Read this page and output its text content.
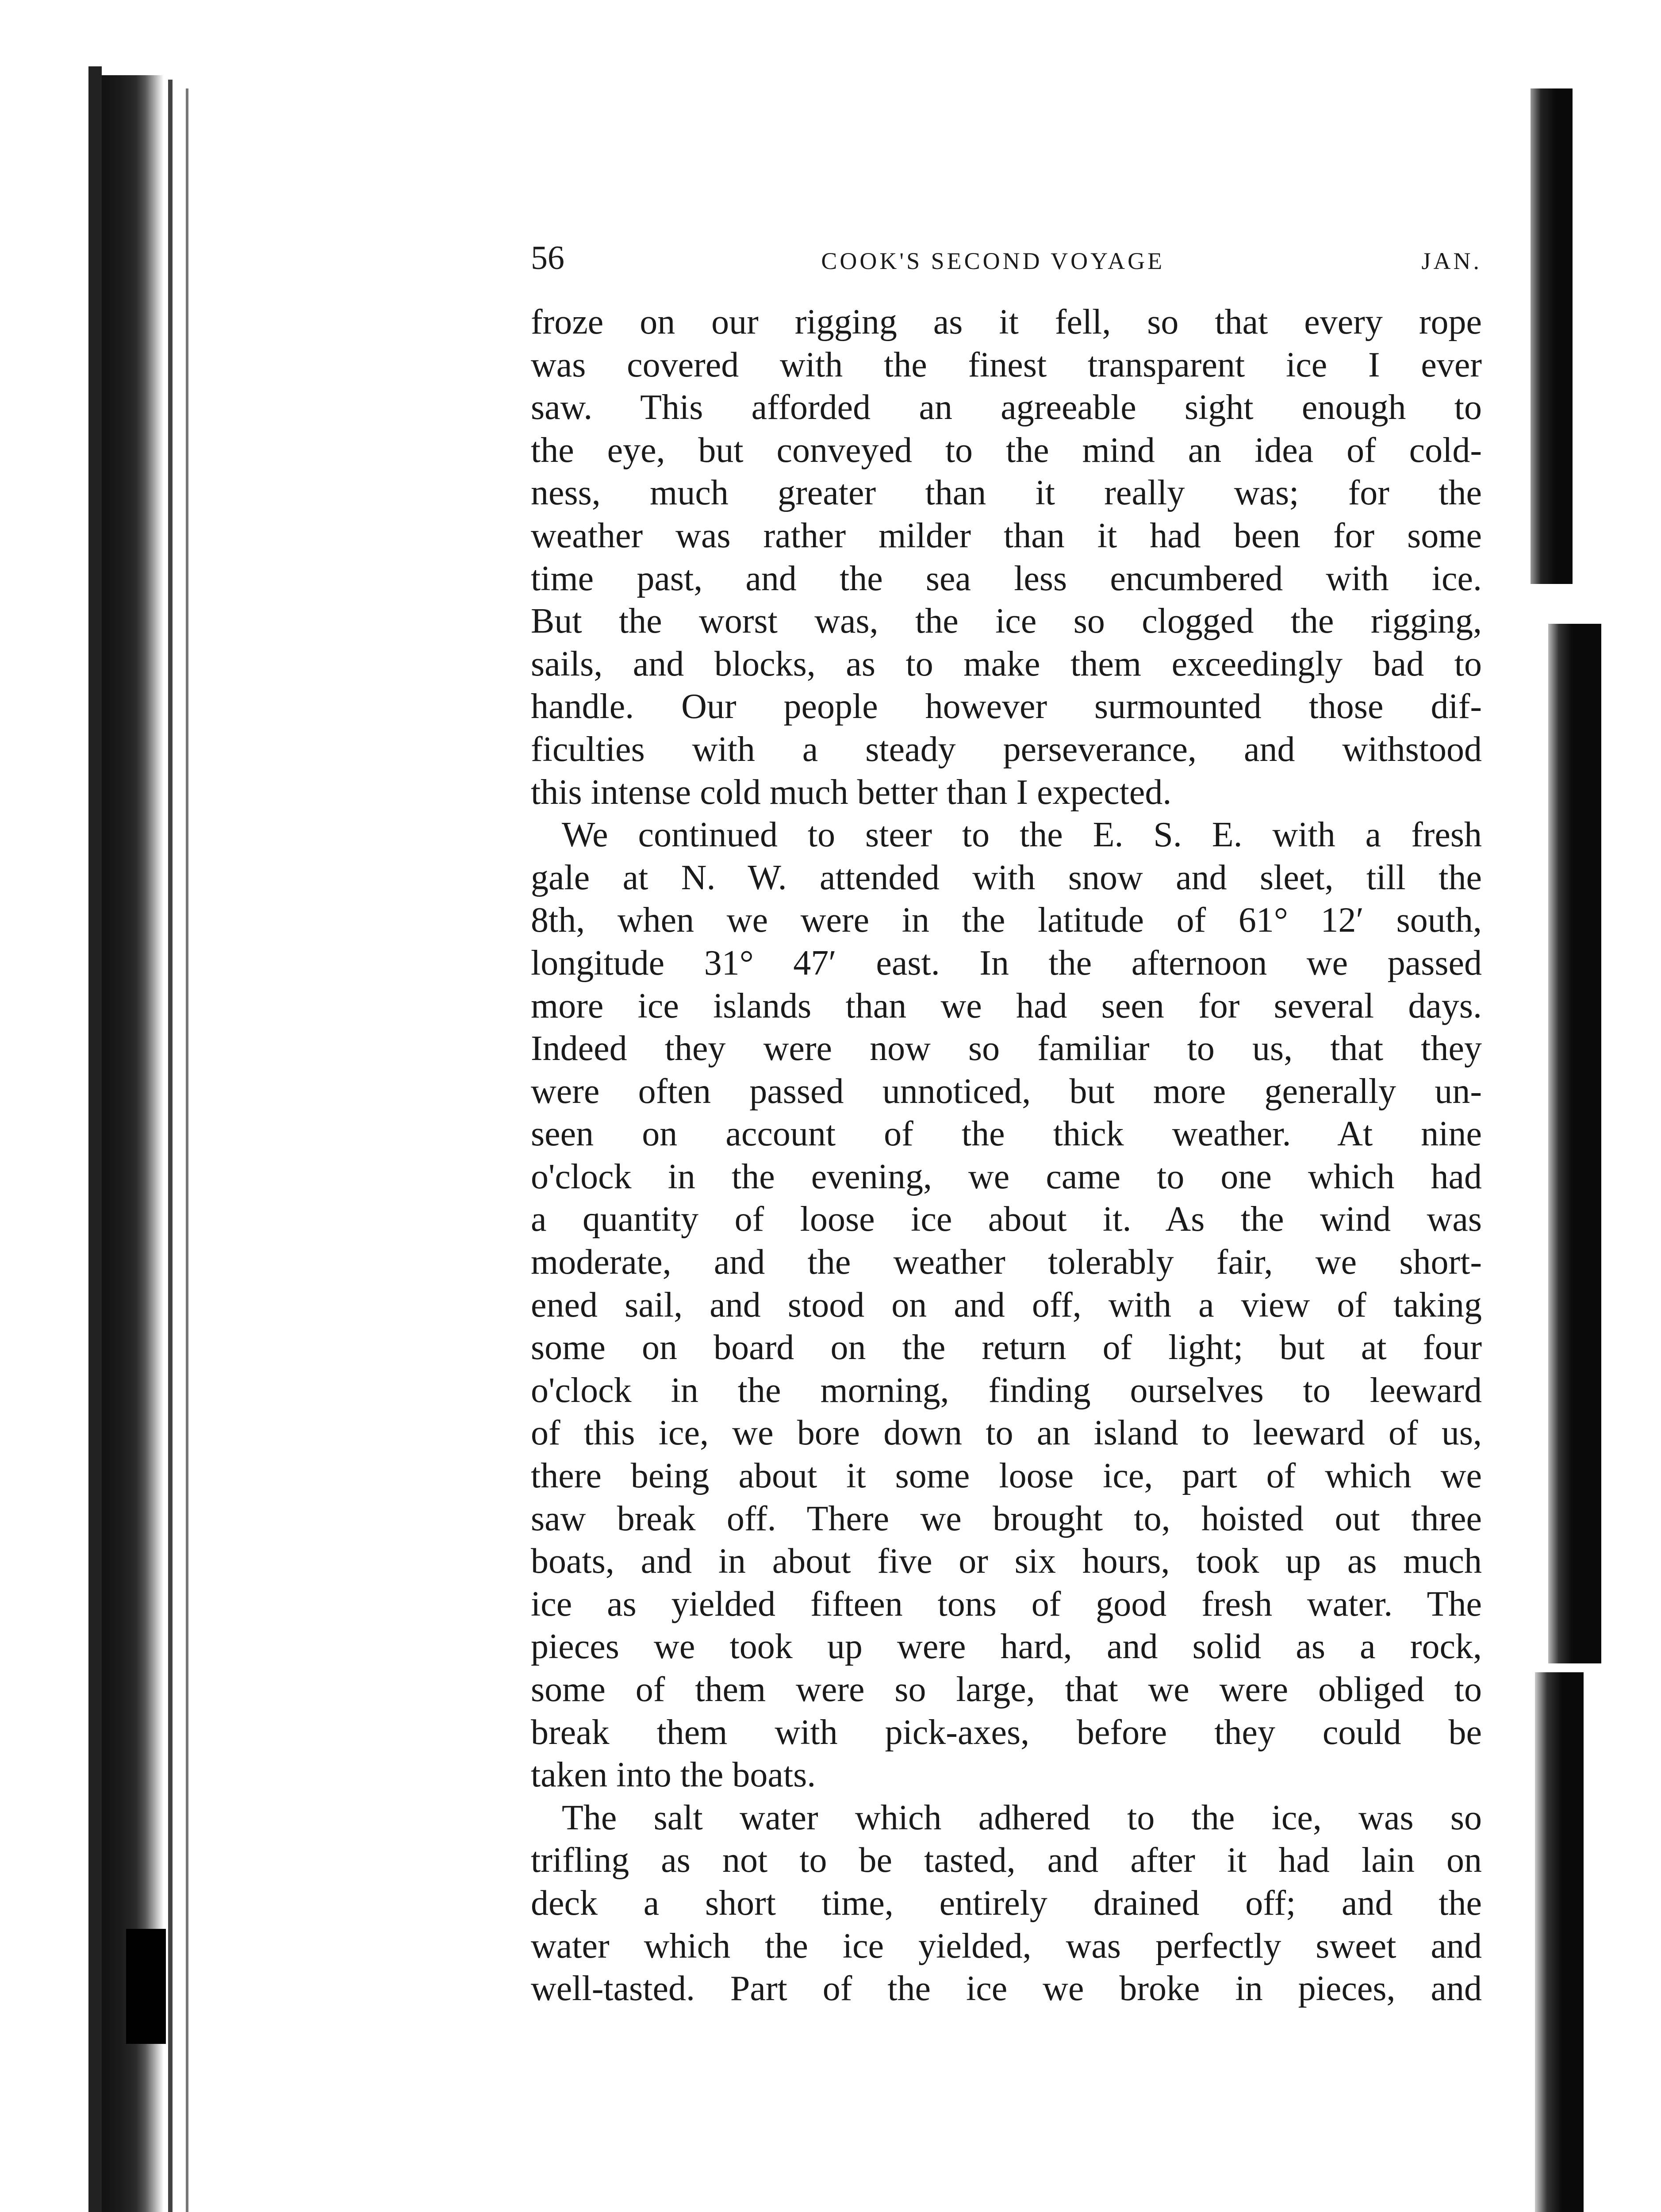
56	COOK'S SECOND VOYAGE	JAN.
froze on our rigging as it fell, so that every rope
was covered with the finest transparent ice I ever
saw. This afforded an agreeable sight enough to
the eye, but conveyed to the mind an idea of cold-
ness, much greater than it really was; for the
weather was rather milder than it had been for some
time past, and the sea less encumbered with ice.
But the worst was, the ice so clogged the rigging,
sails, and blocks, as to make them exceedingly bad to
handle. Our people however surmounted those dif-
ficulties with a steady perseverance, and withstood
this intense cold much better than I expected.
We continued to steer to the E. S. E. with a fresh
gale at N. W. attended with snow and sleet, till the
8th, when we were in the latitude of 61° 12′ south,
longitude 31° 47′ east. In the afternoon we passed
more ice islands than we had seen for several days.
Indeed they were now so familiar to us, that they
were often passed unnoticed, but more generally un-
seen on account of the thick weather. At nine
o'clock in the evening, we came to one which had
a quantity of loose ice about it. As the wind was
moderate, and the weather tolerably fair, we short-
ened sail, and stood on and off, with a view of taking
some on board on the return of light; but at four
o'clock in the morning, finding ourselves to leeward
of this ice, we bore down to an island to leeward of us,
there being about it some loose ice, part of which we
saw break off. There we brought to, hoisted out three
boats, and in about five or six hours, took up as much
ice as yielded fifteen tons of good fresh water. The
pieces we took up were hard, and solid as a rock,
some of them were so large, that we were obliged to
break them with pick-axes, before they could be
taken into the boats.
The salt water which adhered to the ice, was so
trifling as not to be tasted, and after it had lain on
deck a short time, entirely drained off; and the
water which the ice yielded, was perfectly sweet and
well-tasted. Part of the ice we broke in pieces, and
